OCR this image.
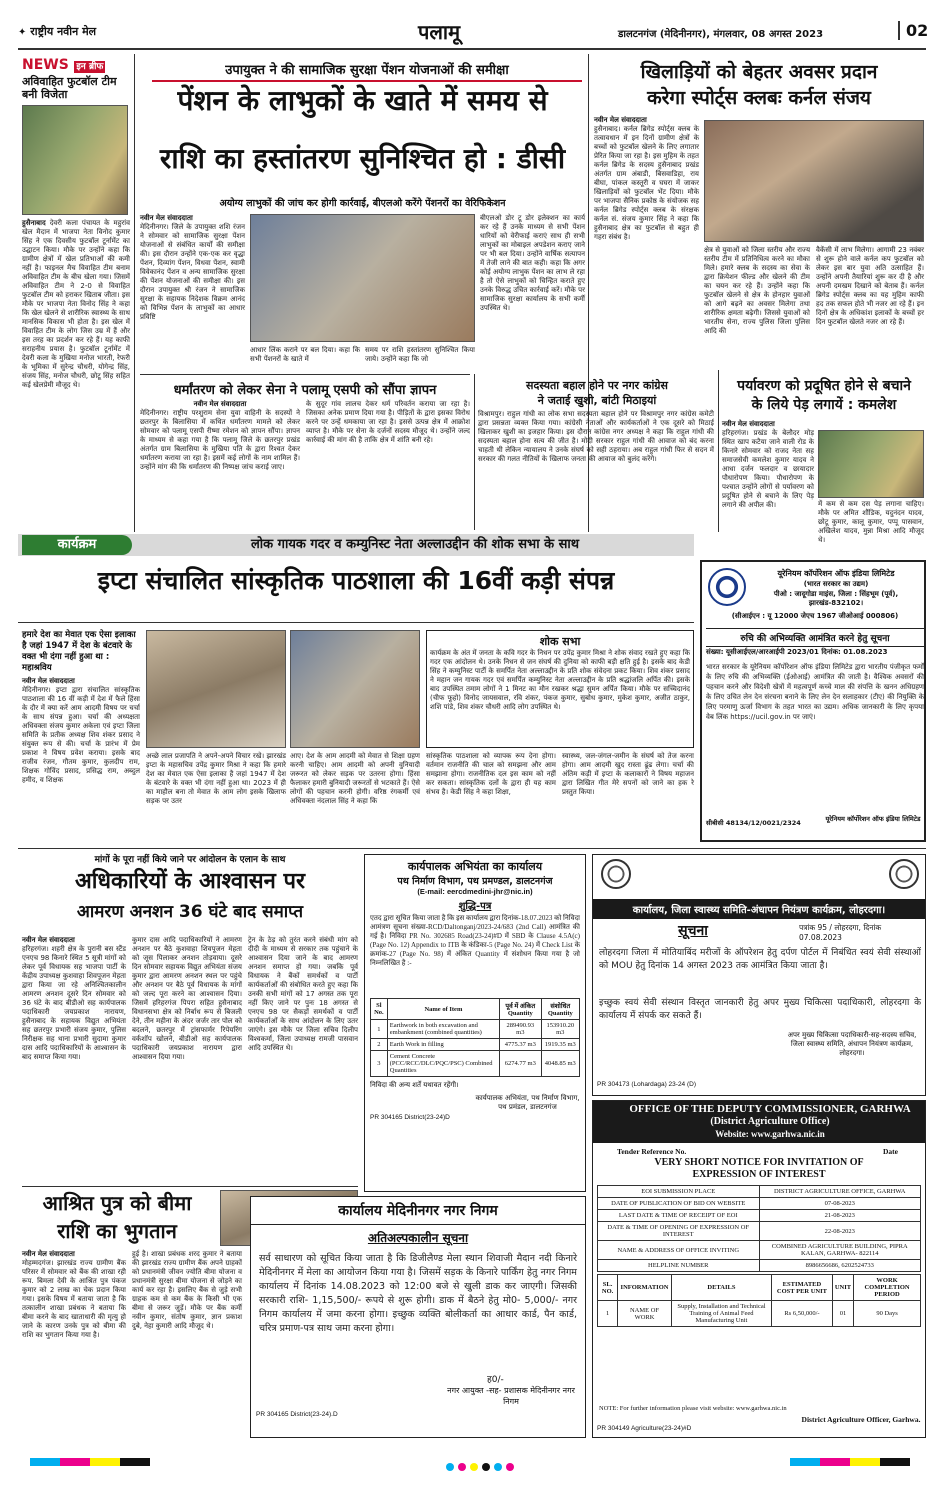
✦ राष्ट्रीय नवीन मेल	पलामू	डालटनगंज (मेदिनीनगर), मंगलवार, 08 अगस्त 2023	02
NEWS इन ब्रीफ
अविवाहित फुटबॉल टीम बनी विजेता
हुसैनाबाद देवरी कला पंचायत के महुरांव खेल मैदान में भाजपा नेता विनोद कुमार सिंह ने एक दिवसीय फुटबॉल टूर्नामेंट का उद्घाटन किया। मौके पर उन्होंने कहा कि ग्रामीण क्षेत्रों में खेल प्रतिभाओं की कमी नहीं है। फाइनल मैच विवाहित टीम बनाम अविवाहित टीम के बीच खेला गया। जिसमें अविवाहित टीम ने 2-0 से विवाहित फुटबॉल टीम को हराकर खिताब जीता। इस मौके पर भाजपा नेता विनोद सिंह ने कहा कि खेल खेलने से शारीरिक स्वास्थ्य के साथ मानसिक विकास भी होता है। इस खेल में विवाहित टीम के लोग जिस उम्र में हैं और इस तरह का प्रदर्शन कर रहे हैं। यह काफी सराहनीय प्रयास है। फुटबॉल टूर्नामेंट में देवरी कला के मुखिया मनोज भारती, रेफरी के भूमिका में सुरेन्द्र चौधरी, योगेन्द्र सिंह, संजय सिंह, मनोज चौधरी, छोटू सिंह सहित कई खेलप्रेमी मौजूद थे।
उपायुक्त ने की सामाजिक सुरक्षा पेंशन योजनाओं की समीक्षा
पेंशन के लाभुकों के खाते में समय से
राशि का हस्तांतरण सुनिश्चित हो : डीसी
अयोग्य लाभुकों की जांच कर होगी कार्रवाई, बीएलओ करेंगे पेंशनरों का वेरिफिकेशन
नवीन मेल संवाददाता
मेदिनीनगर। जिले के उपायुक्त शशि रंजन ने सोमवार को सामाजिक सुरक्षा पेंशन योजनाओं से संबंधित कार्यों की समीक्षा की। इस दौरान उन्होंने एक-एक कर वृद्धा पेंशन, दिव्यांग पेंशन, विधवा पेंशन, स्वामी विवेकानंद पेंशन व अन्य सामाजिक सुरक्षा की पेंशन योजनाओं की समीक्षा की। इस दौरान उपायुक्त श्री रंजन ने सामाजिक सुरक्षा के सहायक निदेशक विक्रम आनंद को विभिन्न पेंशन के लाभुकों का आधार प्रविष्टि
आधार लिंक कराने पर बल दिया। कहा कि सभी पेंशनरों के खाते में
समय पर राशि हस्तांतरण सुनिश्चित किया जाये। उन्होंने कहा कि जो
बीएलओ डोर टू डोर इलेक्शन का कार्य कर रहे हैं उनके माध्यम से सभी पेंशन धारियों को वेरीफाई कराएं साथ ही सभी लाभुकों का मोबाइल अपडेशन कराए जाने पर भी बल दिया। उन्होंने वार्षिक सत्यापन में तेजी लाने की बात कही। कहा कि अगर कोई अयोग्य लाभुक पेंशन का लाभ ले रहा है तो ऐसे लाभुकों को चिन्हित कराते हुए उनके विरुद्ध उचित कार्रवाई करें। मौके पर सामाजिक सुरक्षा कार्यालय के सभी कर्मी उपस्थित थे।
खिलाड़ियों को बेहतर अवसर प्रदान
करेगा स्पोर्ट्स क्लबः कर्नल संजय
नवीन मेल संवाददाता
हुसैनाबाद। कर्नल ब्रिगेड स्पोर्ट्स क्लब के तत्वावधान में इन दिनों ग्रामीण क्षेत्रों के बच्चों को फुटबॉल खेलने के लिए लगातार प्रेरित किया जा रहा है। इस मुहिम के तहत कर्नल ब्रिगेड के सदस्य हुसैनाबाद प्रखंड अंतर्गत ग्राम अंबाडी, बिसवाडिहा, राय बीघा, पांकल कस्तूरी व घघरा में जाकर खिलाड़ियों को फुटबॉल भेंट दिया। मौके पर भाजपा सैनिक प्रकोष्ठ के संयोजक सह कर्नल ब्रिगेड स्पोर्ट्स क्लब के संरक्षक कर्नल सं. संजय कुमार सिंह ने कहा कि हुसैनाबाद क्षेत्र का फुटबॉल से बहुत ही गहरा संबंध है।
क्षेत्र से युवाओं को जिला स्तरीय और राज्य स्तरीय टीम में प्रतिनिधित्व करने का मौका मिले। हमारे क्लब के सदस्य का सेवा के द्वारा क्रियेशन फील्ड और खेलने की टीम का चयन कर रहे हैं। उन्होंने कहा कि फुटबॉल खेलने से क्षेत्र के होनहार युवाओं को आगे बढ़ने का अवसर मिलेगा तथा शारीरिक क्षमता बढ़ेगी। जिससे युवाओं को भारतीय सेना, राज्य पुलिस जिला पुलिस आदि की
वैकेंसी में लाभ मिलेगा। आगामी 23 नवंबर से शुरू होने वाले कर्नल कप फुटबॉल को लेकर इस बार युवा अति उत्साहित हैं। उन्होंने अपनी तैयारियां शुरू कर दी है और अपनी दमखम दिखाने को बेताब हैं। कर्नल ब्रिगेड स्पोर्ट्स क्लब का यह मुहिम काफी हद तक सफल होते भी नजर आ रहे हैं। इन दिनों क्षेत्र के अधिकांश इलाकों के बच्चों हर दिन फुटबॉल खेलते नजर आ रहे हैं।
धर्मांतरण को लेकर सेना ने पलामू एसपी को सौंपा ज्ञापन
नवीन मेल संवाददाता
मेदिनीनगर। राष्ट्रीय परशुराम सेना युवा वाहिनी के सदस्यों ने छतरपुर के बिलासिया में कथित धर्मांतरण मामले को लेकर सोमवार को पलामू एसपी रीष्मा रमेशन को ज्ञापन सौंपा। ज्ञापन के माध्यम से कहा गया है कि पलामू जिले के छतरपुर प्रखंड अंतर्गत ग्राम बिलासिया के मुखिया पति के द्वारा रिश्वत देकर धर्मांतरण कराया जा रहा है। इसमें कई लोगों के नाम शामिल हैं। उन्होंने मांग की कि धर्मांतरण की निष्पक्ष जांच कराई जाए।
के सुदूर गांव लालच देकर धर्म परिवर्तन कराया जा रहा है। जिसका अनेक प्रमाण दिया गया है। पीड़ितों के द्वारा इसका विरोध करने पर उन्हें धमकाया जा रहा है। इससे उत्पन्न क्षेत्र में आक्रोश व्याप्त है। मौके पर सेना के दर्जनों सदस्य मौजूद थे। उन्होंने जल्द कार्रवाई की मांग की है ताकि क्षेत्र में शांति बनी रहे।
सदस्यता बहाल होने पर नगर कांग्रेस
ने जताई खुशी, बांटी मिठाइयां
विश्रामपुर। राहुल गांधी का लोक सभा सदस्यता बहाल होने पर विश्रामपुर नगर कांग्रेस कमेटी द्वारा प्रसन्नता व्यक्त किया गया। कांग्रेसी नेताओं और कार्यकर्ताओं ने एक दूसरे को मिठाई खिलाकर खुशी का इजहार किया। इस दौरान कांग्रेस नगर अध्यक्ष ने कहा कि राहुल गांधी की सदस्यता बहाल होना सत्य की जीत है। मोदी सरकार राहुल गांधी की आवाज को बंद करना चाहती थी लेकिन न्यायालय ने उनके संघर्ष को सही ठहराया। अब राहुल गांधी फिर से सदन में सरकार की गलत नीतियों के खिलाफ जनता की आवाज को बुलंद करेंगे।
पर्यावरण को प्रदूषित होने से बचाने
के लिये पेड़ लगायें : कमलेश
नवीन मेल संवाददाता
हरिहरगंज। प्रखंड के बेलौदर मोड़ स्थित खाप कटैया जाने वाली रोड के किनारे सोमवार को राजद नेता सह समाजसेवी कमलेश कुमार यादव ने आधा दर्जन फलदार व छायादार पौधारोपण किया। पौधारोपण के पश्चात उन्होंने लोगों से पर्यावरण को प्रदूषित होने से बचाने के लिए पेड़ लगाने की अपील की।	में कम से कम दस पेड़ लगाना चाहिए। मौके पर अमित शौंडिक, यदुनंदन यादव, छोटू कुमार, कालू कुमार, पप्पू पासवान, अखिलेश यादव, मुन्ना मिश्रा आदि मौजूद थे।
कार्यक्रम	लोक गायक गदर व कम्युनिस्ट नेता अल्लाउद्दीन की शोक सभा के साथ
इप्टा संचालित सांस्कृतिक पाठशाला की 16वीं कड़ी संपन्न
हमारे देश का मेवात एक ऐसा इलाका है जहां 1947 में देश के बंटवारे के वक्त भी दंगा नहीं हुआ था : महाश्रविय
नवीन मेल संवाददाता
मेदिनीनगर। इप्टा द्वारा संचालित सांस्कृतिक पाठशाला की 16 वीं कड़ी में देश में फैले हिंसा के दौर में क्या करें आम आदमी विषय पर चर्चा के साथ संपन्न हुआ। चर्चा की अध्यक्षता अधिवक्ता संजय कुमार अकेला एवं इप्टा जिला समिति के प्रतीक अध्यक्ष शिव शंकर प्रसाद ने संयुक्त रूप से की। चर्चा के प्रारंभ में प्रेम प्रकाश ने विषय प्रवेश कराया। इसके बाद राजीव रंजन, गौतम कुमार, कुलदीप राम, शिक्षक गोविंद प्रसाद, प्रसिद्ध राम, अब्दुल हमीद, व शिक्षक
अच्छे लाल प्रजापति ने अपने-अपने विचार रखे। झारखंड इप्टा के महासचिव उपेंद्र कुमार मिश्रा ने कहा कि हमारे देश का मेवात एक ऐसा इलाका है जहां 1947 में देश के बंटवारे के वक्त भी दंगा नहीं हुआ था। 2023 में ही का माहौल बना तो मेवात के आम लोग इसके खिलाफ सड़क पर उतर
आए। देश के आम आदमी को मेवात से शिक्षा ग्रहण करनी चाहिए। आम आदमी को अपनी वुनियादी जरूरत को लेकर सड़क पर उतरना होगा। हिंसा फैलाकर हमारी बुनियादी जरूरतों से भटकाते हैं। ऐसे लोगों की पहचान करनी होगी। वरिष्ठ रंगकर्मी एवं अधिवक्ता नंदलाल सिंह ने कहा कि
शोक सभा
कार्यक्रम के अंत में जनता के कवि गदर के निधन पर उपेंद्र कुमार मिश्रा ने शोक संवाद रखते हुए कहा कि गदर एक आंदोलन थे। उनके निधन से जन संघर्ष की दुनिया को काफी बड़ी क्षति हुई है। इसके बाद केडी सिंह ने कम्युनिस्ट पार्टी के समर्पित नेता अल्लाउद्दीन के प्रति शोक संवेदना प्रकट किया। शिव शंकर प्रसाद ने महान जन गायक गदर एवं समर्पित कम्युनिस्ट नेता अल्लाउद्दीन के प्रति श्रद्धांजलि अर्पित की। इसके बाद उपस्थित तमाम लोगों ने 1 मिनट का मौन रखकर श्रद्धा सुमन अर्पित किया। मौके पर सच्चिदानंद (चीफ फूहो) विनोद जायसवाल, रवि शंकर, पंकज कुमार, सुबोध कुमार, मुकेश कुमार, अजीत ठाकुर, शशि पांडे, शिव शंकर चौधरी आदि लोग उपस्थित थे।
सांस्कृतिक पाठशाला को व्यापक रूप देना होगा। वर्तमान राजनीति की चाल को समझना और आम समझाना होगा। राजनीतिक दल इस काम को नहीं कर सकता। सांस्कृतिक दलों के द्वारा ही यह काम संभव है। केडी सिंह ने कहा शिक्षा,
स्वास्थ्य, जल-जंगल-जमीन के संघर्ष को तेज करना होगा। आम आदमी खुद रास्ता ढूंढ लेगा। चर्चा की अंतिम कड़ी में इप्टा के कलाकारों ने विषय महाजन द्वारा लिखित गीत मेरे सपनों को जाने का हक रे प्रस्तुत किया।
यूरेनियम कॉर्पोरेशन ऑफ इंडिया लिमिटेड
(भारत सरकार का उद्यम)
पीओ : जादूगोडा माइंस, जिला : सिंहभूम (पूर्व), झारखंड-832102।
(सीआईएन : यू 12000 जेएच 1967 जीओआई 000806)
रुचि की अभिव्यक्ति आमंत्रित करने हेतु सूचना
संख्या: यूसीआईएल/आरआईपी 2023/01 दिनांक: 01.08.2023
भारत सरकार के यूरेनियम कॉर्पोरेशन ऑफ इंडिया लिमिटेड द्वारा भारतीय पंजीकृत फर्मों के लिए रुचि की अभिव्यक्ति (ईओआई) आमंत्रित की जाती है। वैश्विक अवसरों की पहचान करने और विदेशी खेत्रों में महत्वपूर्ण कच्चे माल की संपत्ति के खनन अधिग्रहण के लिए उचित लेन देन संरचना बनाने के लिए लेन देन सलाहकार (टीए) की नियुक्ति के लिए परमाणु ऊर्जा विभाग के तहत भारत का उद्यम। अधिक जानकारी के लिए कृपया वेब लिंक https://ucil.gov.in पर जाएं।
सीबीसी 48134/12/0021/2324	यूरेनियम कॉर्पोरेशन ऑफ इंडिया लिमिटेड
मांगों के पूरा नहीं किये जाने पर आंदोलन के एलान के साथ
अधिकारियों के आश्वासन पर
आमरण अनशन 36 घंटे बाद समाप्त
नवीन मेल संवाददाता
हरिहरगंज। शहरी क्षेत्र के पुरानी बस स्टैंड एनएच 98 किनारे स्थित 5 सूत्री मांगों को लेकर पूर्व विधायक सह भाजपा पार्टी के केंद्रीय उपाध्यक्ष कुशवाहा शिवपूजन मेहता द्वारा किया जा रहे अनिश्चितकालीन आमरण अनशन दूसरे दिन सोमवार को 36 घंटे के बाद बीडीओ सह कार्यपालक पदाधिकारी जयप्रकाश नारायण, हुसैनाबाद के सहायक विद्युत अभियंता सह छतरपुर प्रभारी संजय कुमार, पुलिस निरीक्षक सह थाना प्रभारी सुदामा कुमार दास आदि पदाधिकारियों के आश्वासन के बाद समाप्त किया गया।
कुमार दास आदि पदाधिकारियों ने आमरण अनशन पर बैठे कुशवाहा शिवपूजन मेहता को जूस पिलाकर अनशन तोड़वाया। दूसरे दिन सोमवार सहायक विद्युत अभियंता संजय कुमार द्वारा आमरण अनशन स्थल पर पहुंचे और अनशन पर बैठे पूर्व विधायक के मांगों को जल्द पूरा करने का आश्वासन दिया। जिसमें हरिहरगंज पिपरा सहित हुसैनाबाद विधानसभा क्षेत्र को निर्बाध रूप से बिजली देने, तीन महीना के अंदर जर्जर तार पोल को बदलने, छतरपुर में ट्रांसफार्मर रिपेयरिंग वर्कशॉप खोलने, बीडीओ सह कार्यपालक पदाधिकारी जयप्रकाश नारायण द्वारा आश्वासन दिया गया।
ट्रेन के ठेड़ को तुरंत करने संबंधी मांग को दीदी के माध्यम से सरकार तक पहुंचाने के आश्वासन दिया जाने के बाद आमरण अनशन समाप्त हो गया। जबकि पूर्व विधायक ने बैंकों समर्थकों व पार्टी कार्यकर्ताओं की संबोधित करते हुए कहा कि उनकी सभी मांगों को 17 अगस्त तक पूरा नहीं किए जाने पर पुनः 18 अगस्त से एनएच 98 पर सैकड़ों समर्थकों व पार्टी कार्यकर्ताओं के साथ आंदोलन के लिए उतर जाएंगे। इस मौके पर जिला सचिव दिलीप विश्वकर्मा, जिला उपाध्यक्ष रामजी पासवान आदि उपस्थित थे।
आश्रित पुत्र को बीमा
राशि का भुगतान
नवीन मेल संवाददाता
मोहम्मदगंज। झारखंड राज्य ग्रामीण बैंक परिसर में सोमवार को बैंक की शाखा रही रूप. बिमला देवी के आश्रित पुत्र पंकज कुमार को 2 लाख का चेक प्रदान किया गया। इसके विषय में बताया जाता है कि तत्कालीन शाखा प्रबंधक ने बताया कि बीमा करने के बाद खाताधारी की मृत्यु हो जाने के कारण उनके पुत्र को बीमा की राशि का भुगतान किया गया है।
हुई है। शाखा प्रबंधक शरद कुमार ने बताया की झारखंड राज्य ग्रामीण बैंक अपने ग्राहकों को प्रधानमंत्री जीवन ज्योति बीमा योजना व प्रधानमंत्री सुरक्षा बीमा योजना से जोड़ने का कार्य कर रहा है। इसलिए बैंक से जुड़े सभी ग्राहक कम से कम बैंक के किसी भी एक बीमा से जरूर जुड़ें। मौके पर बैंक कर्मी नवीन कुमार, संतोष कुमार, ज्ञान प्रकाश दुबे, नेहा कुमारी आदि मौजूद थे।
कार्यपालक अभियंता का कार्यालय
पथ निर्माण विभाग, पथ प्रमण्डल, डालटनगंज
(E-mail: eercdmedini-jhr@nic.in)
शुद्धि-पत्र
एतद द्वारा सूचित किया जाता है कि इस कार्यालय द्वारा दिनांक-18.07.2023 को निविदा आमंत्रण सूचना संख्या-RCD/Daltonganj/2023-24/683 (2nd Call) आमंत्रित की गई है। निविदा PR No. 302685 Road(23-24)#D में SBD के Clause 4.5A(c) (Page No. 12) Appendix to ITB के कंडिका-5 (Page No. 24) में Check List के क्रमांक-27 (Page No. 98) में अंकित Quantity में संशोधन किया गया है जो निम्नलिखित है :-
Sl No.	Name of Item	पूर्व में अंकित Quantity	संशोधित Quantity
1	Earthwork in both excavation and embankment (combined quantities)	289490.93 m3	153910.20 m3
2	Earth Work in filling	4775.37 m3	1919.35 m3
3	Cement Concrete (PCC/RCC/DLC/PQC/PSC) Combined Quantities	6274.77 m3	4048.85 m3
निविदा की अन्य शर्तें यथावत रहेंगी।
कार्यपालक अभियंता, पथ निर्माण विभाग, पथ प्रमंडल, डालटनगंज
PR 304165 District(23-24)D
कार्यालय मेदिनीनगर नगर निगम
अतिअल्पकालीन सूचना
सर्व साधारण को सूचित किया जाता है कि डिजीलैण्ड मेला स्थान शिवाजी मैदान नदी किनारे मेदिनीनगर में मेला का आयोजन किया गया है। जिसमें सड़क के किनारे पार्किंग हेतु नगर निगम कार्यालय में दिनांक 14.08.2023 को 12:00 बजे से खुली डाक कर जाएगी। जिसकी सरकारी राशि- 1,15,500/- रूपये से शुरू होगी। डाक में बैठने हेतु मो0- 5,000/- नगर निगम कार्यालय में जमा करना होगा। इच्छुक व्यक्ति बोलीकर्ता का आधार कार्ड, पैन कार्ड, चरित्र प्रमाण-पत्र साथ जमा करना होगा।
ह0/-
नगर आयुक्त -सह- प्रशासक मेदिनीनगर नगर निगम
PR 304165 District(23-24).D
कार्यालय, जिला स्वास्थ्य समिति-अंधापन नियंत्रण कार्यक्रम, लोहरदगा।
सूचना	पत्रांक 95 / लोहरदगा, दिनांक 07.08.2023
लोहरदगा जिला में मोतियाबिंद मरीजों के ऑपरेशन हेतु दर्पण पोर्टल में निबंधित स्वयं सेवी संस्थाओं को MOU हेतु दिनांक 14 अगस्त 2023 तक आमंत्रित किया जाता है।
इच्छुक स्वयं सेवी संस्थान विस्तृत जानकारी हेतु अपर मुख्य चिकित्सा पदाधिकारी, लोहरदगा के कार्यालय में संपर्क कर सकते हैं।
अपर मुख्य चिकित्सा पदाधिकारी-सह-सदस्य सचिव, जिला स्वास्थ्य समिति, अंधापन नियंत्रण कार्यक्रम, लोहरदगा।
PR 304173 (Lohardaga) 23-24 (D)
OFFICE OF THE DEPUTY COMMISSIONER, GARHWA
(District Agriculture Office)
Website: www.garhwa.nic.in
Tender Reference No.	Date
VERY SHORT NOTICE FOR INVITATION OF
EXPRESSION OF INTEREST
EOI SUBMISSION PLACE	DISTRICT AGRICULTURE OFFICE, GARHWA
DATE OF PUBLICATION OF BID ON WEBSITE	07-08-2023
LAST DATE & TIME OF RECEIPT OF EOI	21-08-2023
DATE & TIME OF OPENING OF EXPRESSION OF INTEREST	22-08-2023
NAME & ADDRESS OF OFFICE INVITING	COMBINED AGRICULTURE BUILDING, PIPRA KALAN, GARHWA- 822114
HELPLINE NUMBER	8986656686, 6202524733
SL. NO.	INFORMATION	DETAILS	ESTIMATED COST PER UNIT	UNIT	WORK COMPLETION PERIOD
1	NAME OF WORK	Supply, Installation and Technical Training of Animal Feed Manufacturing Unit	Rs 6,50,000/-	01	90 Days
NOTE: For further information please visit website: www.garhwa.nic.in
District Agriculture Officer, Garhwa.
PR 304149 Agriculture(23-24)#D
